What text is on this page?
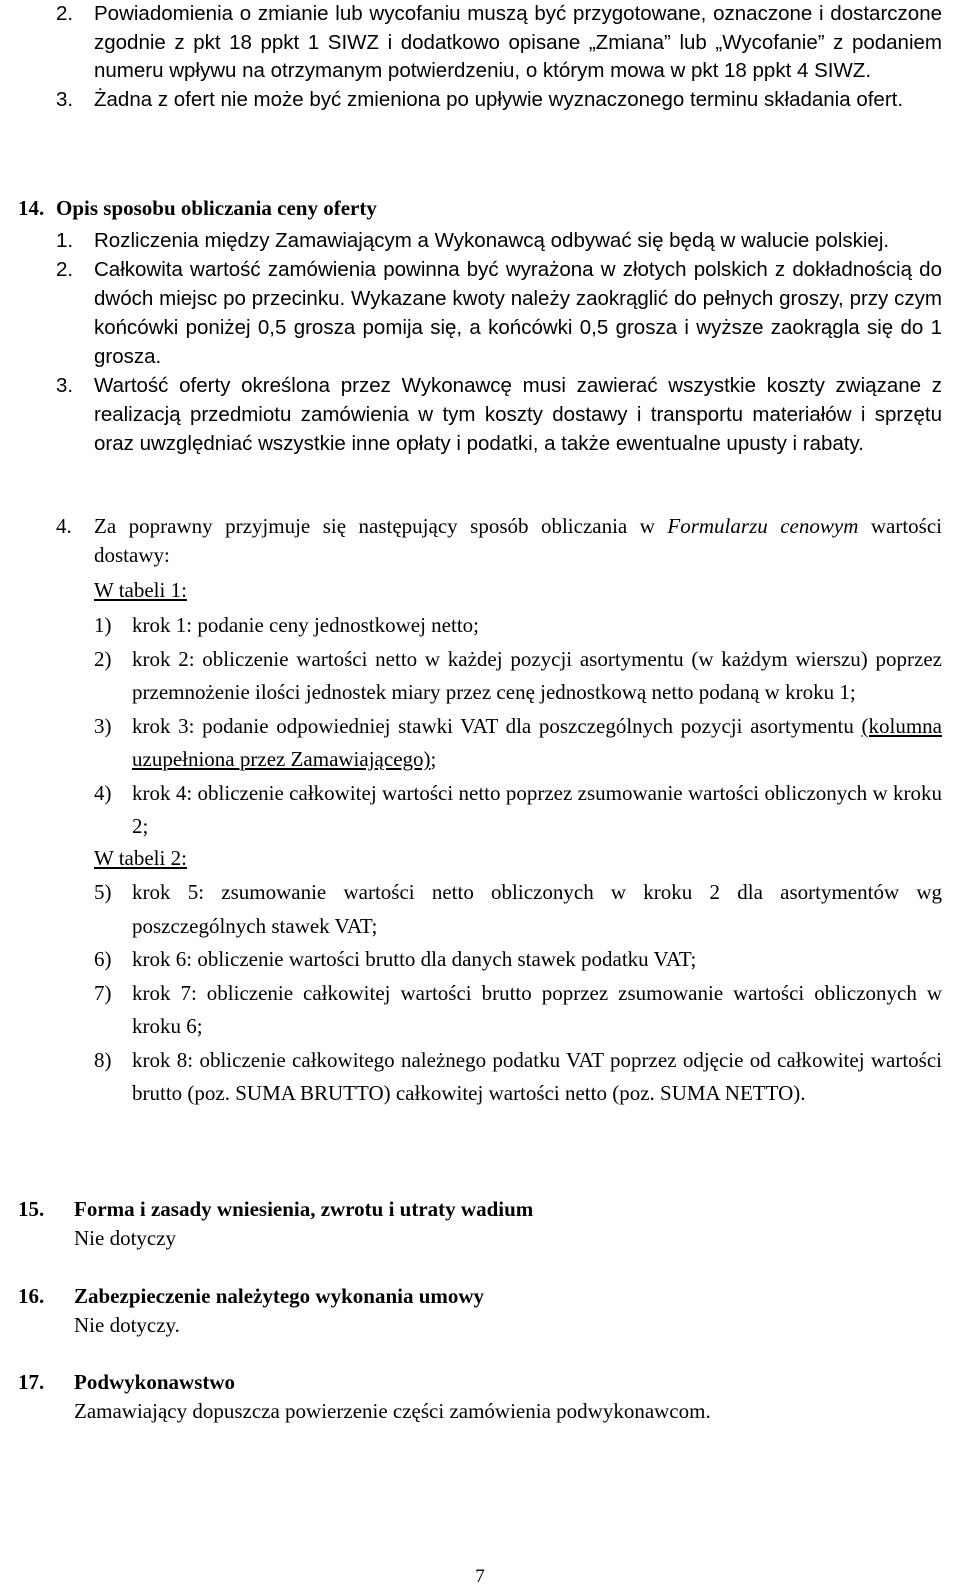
2.	Powiadomienia o zmianie lub wycofaniu muszą być przygotowane, oznaczone i dostarczone zgodnie z pkt 18 ppkt 1 SIWZ i dodatkowo opisane „Zmiana” lub „Wycofanie” z podaniem numeru wpływu na otrzymanym potwierdzeniu, o którym mowa w pkt 18 ppkt 4 SIWZ.
3.	Żadna z ofert nie może być zmieniona po upływie wyznaczonego terminu składania ofert.
14. Opis sposobu obliczania ceny oferty
1.	Rozliczenia między Zamawiającym a Wykonawcą odbywać się będą w walucie polskiej.
2.	Całkowita wartość zamówienia powinna być wyrażona w złotych polskich z dokładnością do dwóch miejsc po przecinku. Wykazane kwoty należy zaokrąglić do pełnych groszy, przy czym końcówki poniżej 0,5 grosza pomija się, a końcówki 0,5 grosza i wyższe zaokrągla się do 1 grosza.
3.	Wartość oferty określona przez Wykonawcę musi zawierać wszystkie koszty związane z realizacją przedmiotu zamówienia w tym koszty dostawy i transportu materiałów i sprzętu oraz uwzględniać wszystkie inne opłaty i podatki, a także ewentualne upusty i rabaty.
4.	Za poprawny przyjmuje się następujący sposób obliczania w Formularzu cenowym wartości dostawy:
W tabeli 1:
1) krok 1: podanie ceny jednostkowej netto;
2) krok 2: obliczenie wartości netto w każdej pozycji asortymentu (w każdym wierszu) poprzez przemnożenie ilości jednostek miary przez cenę jednostkową netto podaną w kroku 1;
3) krok 3: podanie odpowiedniej stawki VAT dla poszczególnych pozycji asortymentu (kolumna uzupełniona przez Zamawiającego);
4) krok 4: obliczenie całkowitej wartości netto poprzez zsumowanie wartości obliczonych w kroku 2;
W tabeli 2:
5) krok 5: zsumowanie wartości netto obliczonych w kroku 2 dla asortymentów wg poszczególnych stawek VAT;
6) krok 6: obliczenie wartości brutto dla danych stawek podatku VAT;
7) krok 7: obliczenie całkowitej wartości brutto poprzez zsumowanie wartości obliczonych w kroku 6;
8) krok 8: obliczenie całkowitego należnego podatku VAT poprzez odjęcie od całkowitej wartości brutto (poz. SUMA BRUTTO) całkowitej wartości netto (poz. SUMA NETTO).
15.	Forma i zasady wniesienia, zwrotu i utraty wadium
Nie dotyczy
16.	Zabezpieczenie należytego wykonania umowy
Nie dotyczy.
17.	Podwykonawstwo
Zamawiający dopuszcza powierzenie części zamówienia podwykonawcom.
7
